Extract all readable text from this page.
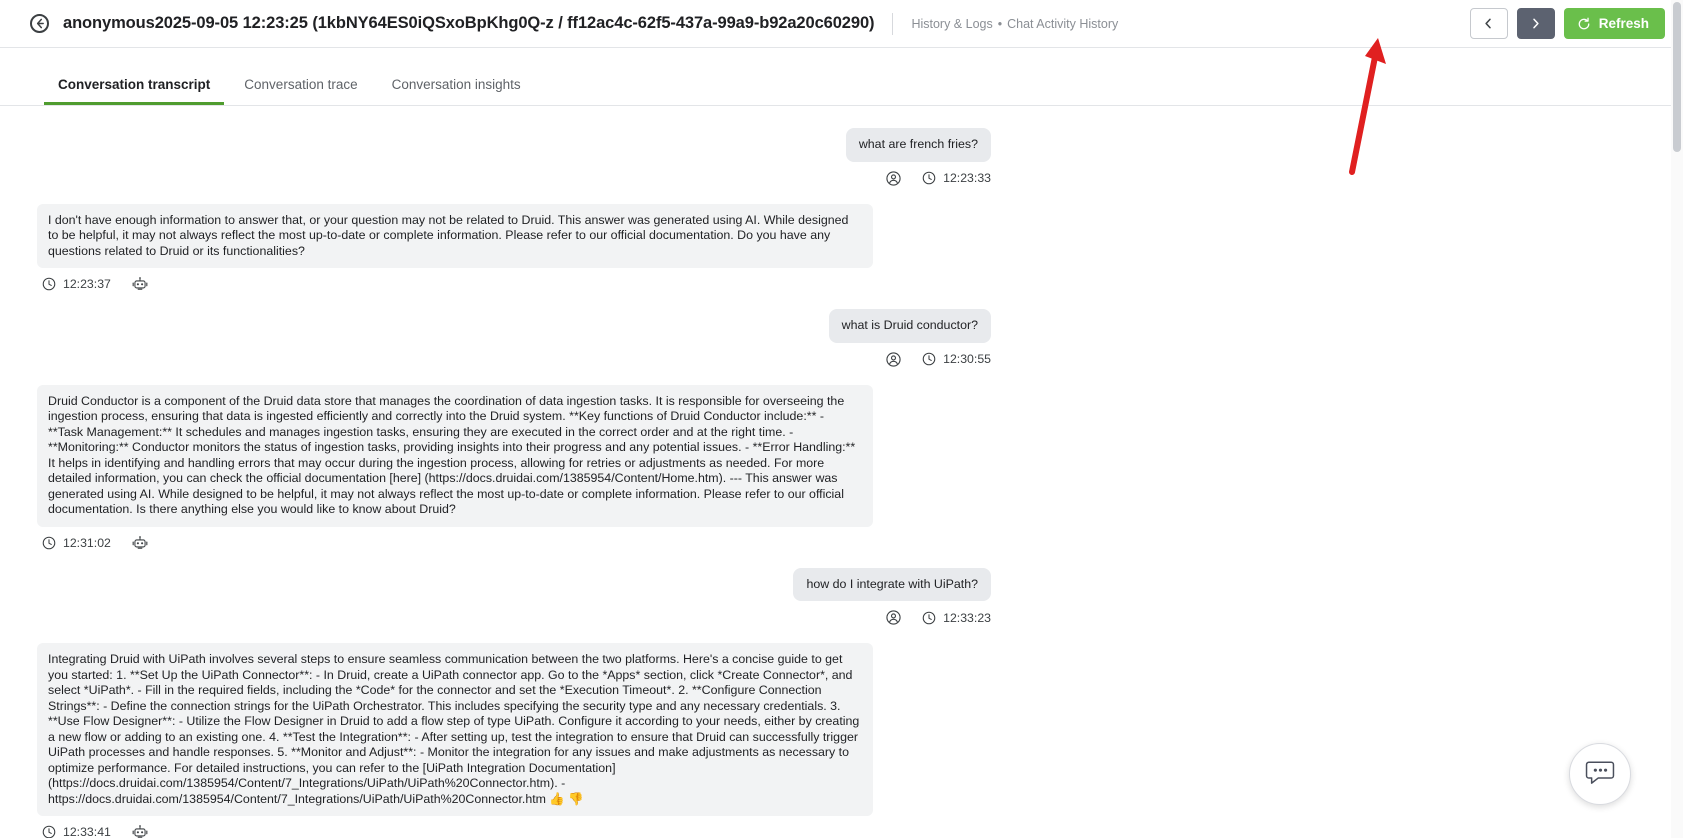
anonymous2025-09-05 12:23:25 (1kbNY64ES0iQSxoBpKhg0Q-z / ff12ac4c-62f5-437a-99a9-b92a20c60290)	History & Logs • Chat Activity History	Refresh
Conversation transcript	Conversation trace	Conversation insights
what are french fries?
12:23:33
I don't have enough information to answer that, or your question may not be related to Druid. This answer was generated using AI. While designed to be helpful, it may not always reflect the most up-to-date or complete information. Please refer to our official documentation. Do you have any questions related to Druid or its functionalities?
12:23:37
what is Druid conductor?
12:30:55
Druid Conductor is a component of the Druid data store that manages the coordination of data ingestion tasks. It is responsible for overseeing the ingestion process, ensuring that data is ingested efficiently and correctly into the Druid system. **Key functions of Druid Conductor include:** - **Task Management:** It schedules and manages ingestion tasks, ensuring they are executed in the correct order and at the right time. - **Monitoring:** Conductor monitors the status of ingestion tasks, providing insights into their progress and any potential issues. - **Error Handling:** It helps in identifying and handling errors that may occur during the ingestion process, allowing for retries or adjustments as needed. For more detailed information, you can check the official documentation [here] (https://docs.druidai.com/1385954/Content/Home.htm). --- This answer was generated using AI. While designed to be helpful, it may not always reflect the most up-to-date or complete information. Please refer to our official documentation. Is there anything else you would like to know about Druid?
12:31:02
how do I integrate with UiPath?
12:33:23
Integrating Druid with UiPath involves several steps to ensure seamless communication between the two platforms. Here's a concise guide to get you started: 1. **Set Up the UiPath Connector**: - In Druid, create a UiPath connector app. Go to the *Apps* section, click *Create Connector*, and select *UiPath*. - Fill in the required fields, including the *Code* for the connector and set the *Execution Timeout*. 2. **Configure Connection Strings**: - Define the connection strings for the UiPath Orchestrator. This includes specifying the security type and any necessary credentials. 3. **Use Flow Designer**: - Utilize the Flow Designer in Druid to add a flow step of type UiPath. Configure it according to your needs, either by creating a new flow or adding to an existing one. 4. **Test the Integration**: - After setting up, test the integration to ensure that Druid can successfully trigger UiPath processes and handle responses. 5. **Monitor and Adjust**: - Monitor the integration for any issues and make adjustments as necessary to optimize performance. For detailed instructions, you can refer to the [UiPath Integration Documentation] (https://docs.druidai.com/1385954/Content/7_Integrations/UiPath/UiPath%20Connector.htm). - https://docs.druidai.com/1385954/Content/7_Integrations/UiPath/UiPath%20Connector.htm 👍 👎
12:33:41
